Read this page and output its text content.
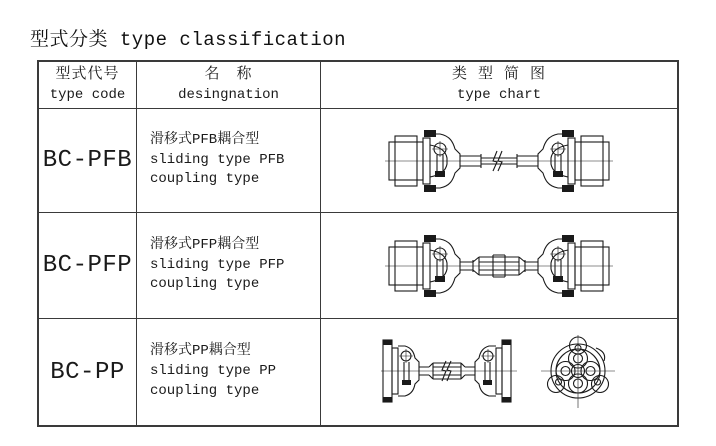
型式分类 type classification
型式代号
type code
名　称
desingnation
类 型 简 图
type chart
BC-PFB
滑移式PFB耦合型
sliding type PFB
coupling type
BC-PFP
滑移式PFP耦合型
sliding type PFP
coupling type
BC-PP
滑移式PP耦合型
sliding type PP
coupling type
